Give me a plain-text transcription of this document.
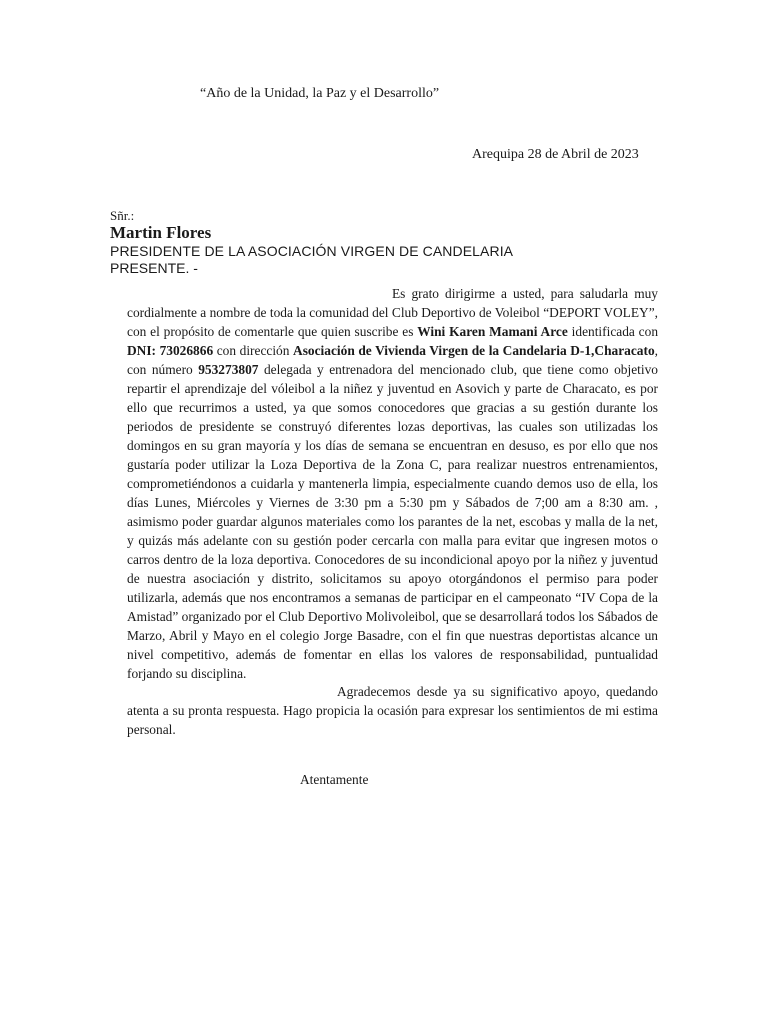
“Año de la Unidad, la Paz y el Desarrollo”
Arequipa 28 de Abril de 2023
Sñr.:
Martin Flores
PRESIDENTE DE LA ASOCIACIÓN VIRGEN DE CANDELARIA
PRESENTE. -

Es grato dirigirme a usted, para saludarla muy cordialmente a nombre de toda la comunidad del Club Deportivo de Voleibol “DEPORT VOLEY”, con el propósito de comentarle que quien suscribe es Wini Karen Mamani Arce identificada con DNI: 73026866 con dirección Asociación de Vivienda Virgen de la Candelaria D-1,Characato, con número 953273807 delegada y entrenadora del mencionado club, que tiene como objetivo repartir el aprendizaje del vóleibol a la niñez y juventud en Asovich y parte de Characato, es por ello que recurrimos a usted, ya que somos conocedores que gracias a su gestión durante los periodos de presidente se construyó diferentes lozas deportivas, las cuales son utilizadas los domingos en su gran mayoría y los días de semana se encuentran en desuso, es por ello que nos gustaría poder utilizar la Loza Deportiva de la Zona C, para realizar nuestros entrenamientos, comprometiéndonos a cuidarla y mantenerla limpia, especialmente cuando demos uso de ella, los días Lunes, Miércoles y Viernes de 3:30 pm a 5:30 pm y Sábados de 7;00 am a 8:30 am. , asimismo poder guardar algunos materiales como los parantes de la net, escobas y malla de la net, y quizás más adelante con su gestión poder cercarla con malla para evitar que ingresen motos o carros dentro de la loza deportiva. Conocedores de su incondicional apoyo por la niñez y juventud de nuestra asociación y distrito, solicitamos su apoyo otorgándonos el permiso para poder utilizarla, además que nos encontramos a semanas de participar en el campeonato “IV Copa de la Amistad” organizado por el Club Deportivo Molivoleibol, que se desarrollará todos los Sábados de Marzo, Abril y Mayo en el colegio Jorge Basadre, con el fin que nuestras deportistas alcance un nivel competitivo, además de fomentar en ellas los valores de responsabilidad, puntualidad forjando su disciplina.

Agradecemos desde ya su significativo apoyo, quedando atenta a su pronta respuesta. Hago propicia la ocasión para expresar los sentimientos de mi estima personal.

Atentamente
